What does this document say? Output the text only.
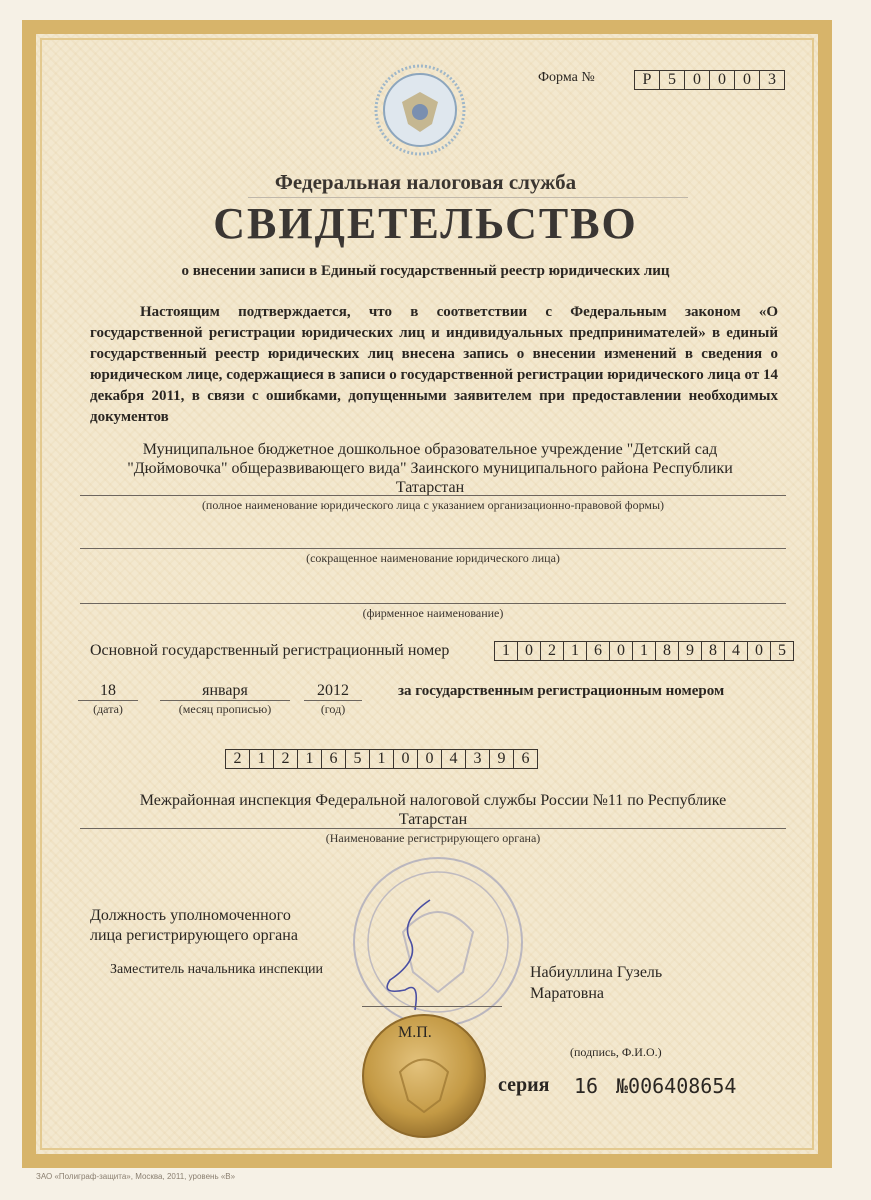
Форма №	Р	5	0	0	0	3
Федеральная налоговая служба
СВИДЕТЕЛЬСТВО
о внесении записи в Единый государственный реестр юридических лиц
Настоящим подтверждается, что в соответствии с Федеральным законом «О государственной регистрации юридических лиц и индивидуальных предпринимателей» в единый государственный реестр юридических лиц внесена запись о внесении изменений в сведения о юридическом лице, содержащиеся в записи о государственной регистрации юридического лица от 14 декабря 2011, в связи с ошибками, допущенными заявителем при предоставлении необходимых документов
Муниципальное бюджетное дошкольное образовательное учреждение "Детский сад
"Дюймовочка" общеразвивающего вида" Заинского муниципального района Республики
Татарстан
(полное наименование юридического лица с указанием организационно-правовой формы)
(сокращенное наименование юридического лица)
(фирменное наименование)
Основной государственный регистрационный номер	1 0 2 1 6 0 1 8 9 8 4 0 5
18
(дата)
января
(месяц прописью)
2012
(год)
за государственным регистрационным номером
2	1	2	1	6	5	1	0	0	4	3	9	6
Межрайонная инспекция Федеральной налоговой службы России №11 по Республике
Татарстан
(Наименование регистрирующего органа)
Должность уполномоченного
лица регистрирующего органа
Заместитель начальника инспекции	Набиуллина Гузель
Маратовна
М.П.
(подпись, Ф.И.О.)
серия 16 №006408654
ЗАО «Полиграф-защита», Москва, 2011, уровень «В»
